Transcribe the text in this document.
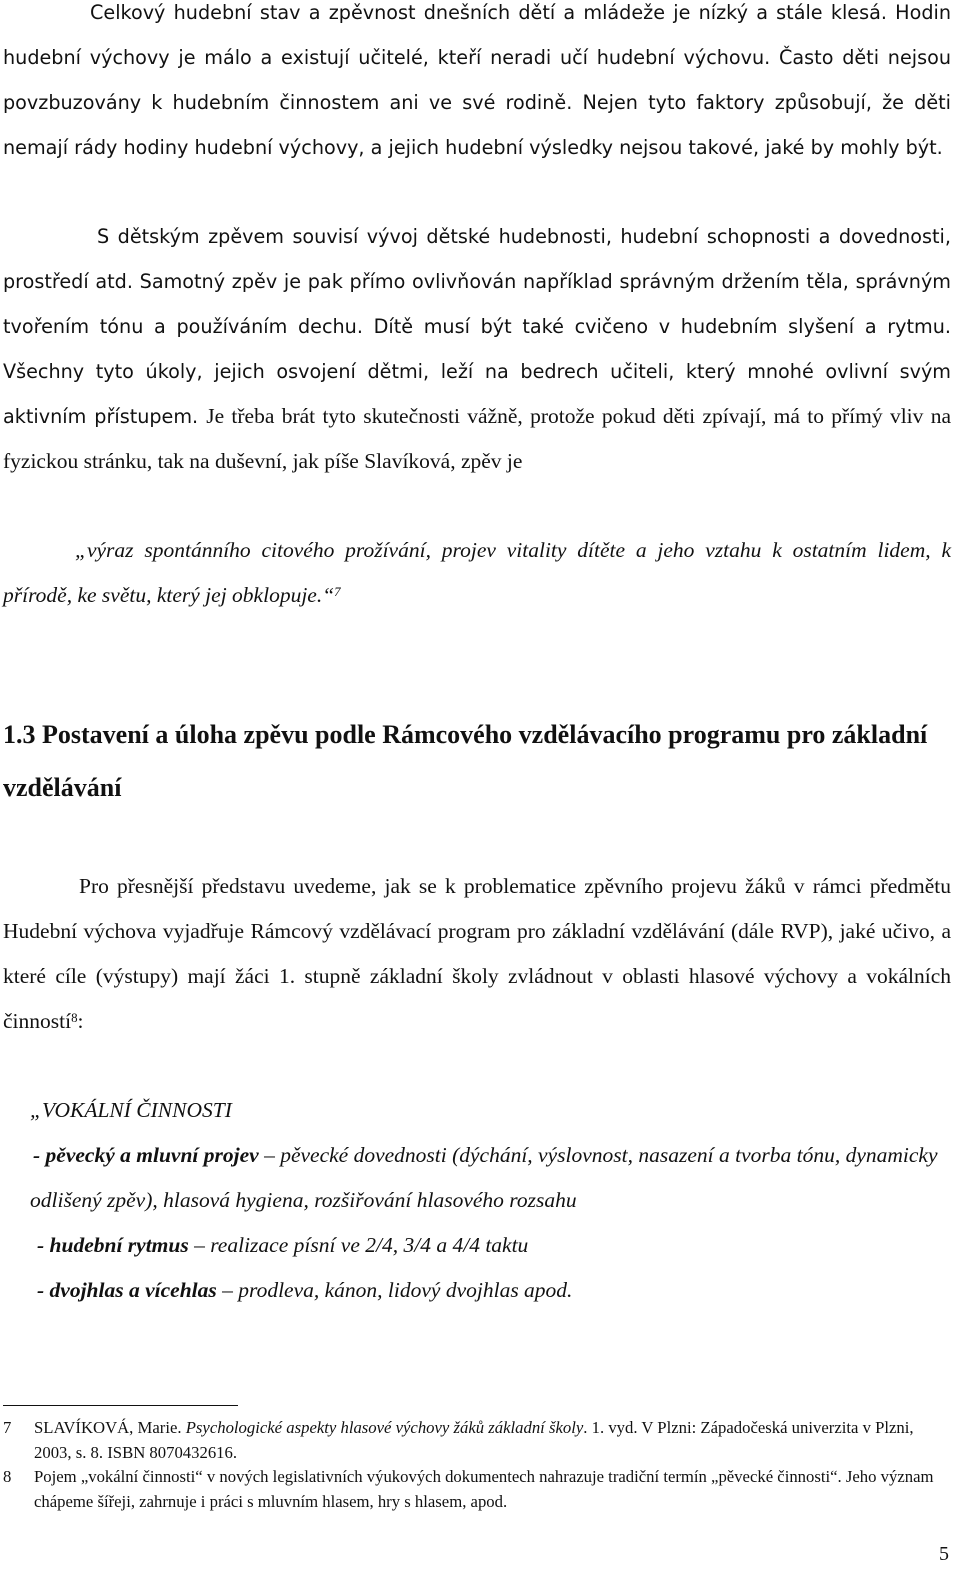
Celkový hudební stav a zpěvnost dnešních dětí a mládeže je nízký a stále klesá. Hodin hudební výchovy je málo a existují učitelé, kteří neradi učí hudební výchovu. Často děti nejsou povzbuzovány k hudebním činnostem ani ve své rodině. Nejen tyto faktory způsobují, že děti nemají rády hodiny hudební výchovy, a jejich hudební výsledky nejsou takové, jaké by mohly být.

S dětským zpěvem souvisí vývoj dětské hudebnosti, hudební schopnosti a dovednosti, prostředí atd. Samotný zpěv je pak přímo ovlivňován například správným držením těla, správným tvořením tónu a používáním dechu. Dítě musí být také cvičeno v hudebním slyšení a rytmu. Všechny tyto úkoly, jejich osvojení dětmi, leží na bedrech učiteli, který mnohé ovlivní svým aktivním přístupem. Je třeba brát tyto skutečnosti vážně, protože pokud děti zpívají, má to přímý vliv na fyzickou stránku, tak na duševní, jak píše Slavíková, zpěv je

„výraz spontánního citového prožívání, projev vitality dítěte a jeho vztahu k ostatním lidem, k přírodě, ke světu, který jej obklopuje.“$^7$

1.3 Postavení a úloha zpěvu podle Rámcového vzdělávacího programu pro základní vzdělávání

Pro přesnější představu uvedeme, jak se k problematice zpěvního projevu žáků v rámci předmětu Hudební výchova vyjadřuje Rámcový vzdělávací program pro základní vzdělávání (dále RVP), jaké učivo, a které cíle (výstupy) mají žáci 1. stupně základní školy zvládnout v oblasti hlasové výchovy a vokálních činností$^8$:

„VOKÁLNÍ ČINNOSTI

- pěvecký a mluvní projev – pěvecké dovednosti (dýchání, výslovnost, nasazení a tvorba tónu, dynamicky odlišený zpěv), hlasová hygiena, rozšiřování hlasového rozsahu

- hudební rytmus – realizace písní ve 2/4, 3/4 a 4/4 taktu

- dvojhlas a vícehlas – prodleva, kánon, lidový dvojhlas apod.

7 SLAVÍKOVÁ, Marie. Psychologické aspekty hlasové výchovy žáků základní školy. 1. vyd. V Plzni: Západočeská univerzita v Plzni, 2003, s. 8. ISBN 8070432616.

8 Pojem „vokální činnosti“ v nových legislativních výukových dokumentech nahrazuje tradiční termín „pěvecké činnosti“. Jeho význam chápeme šířeji, zahrnuje i práci s mluvním hlasem, hry s hlasem, apod.

5
